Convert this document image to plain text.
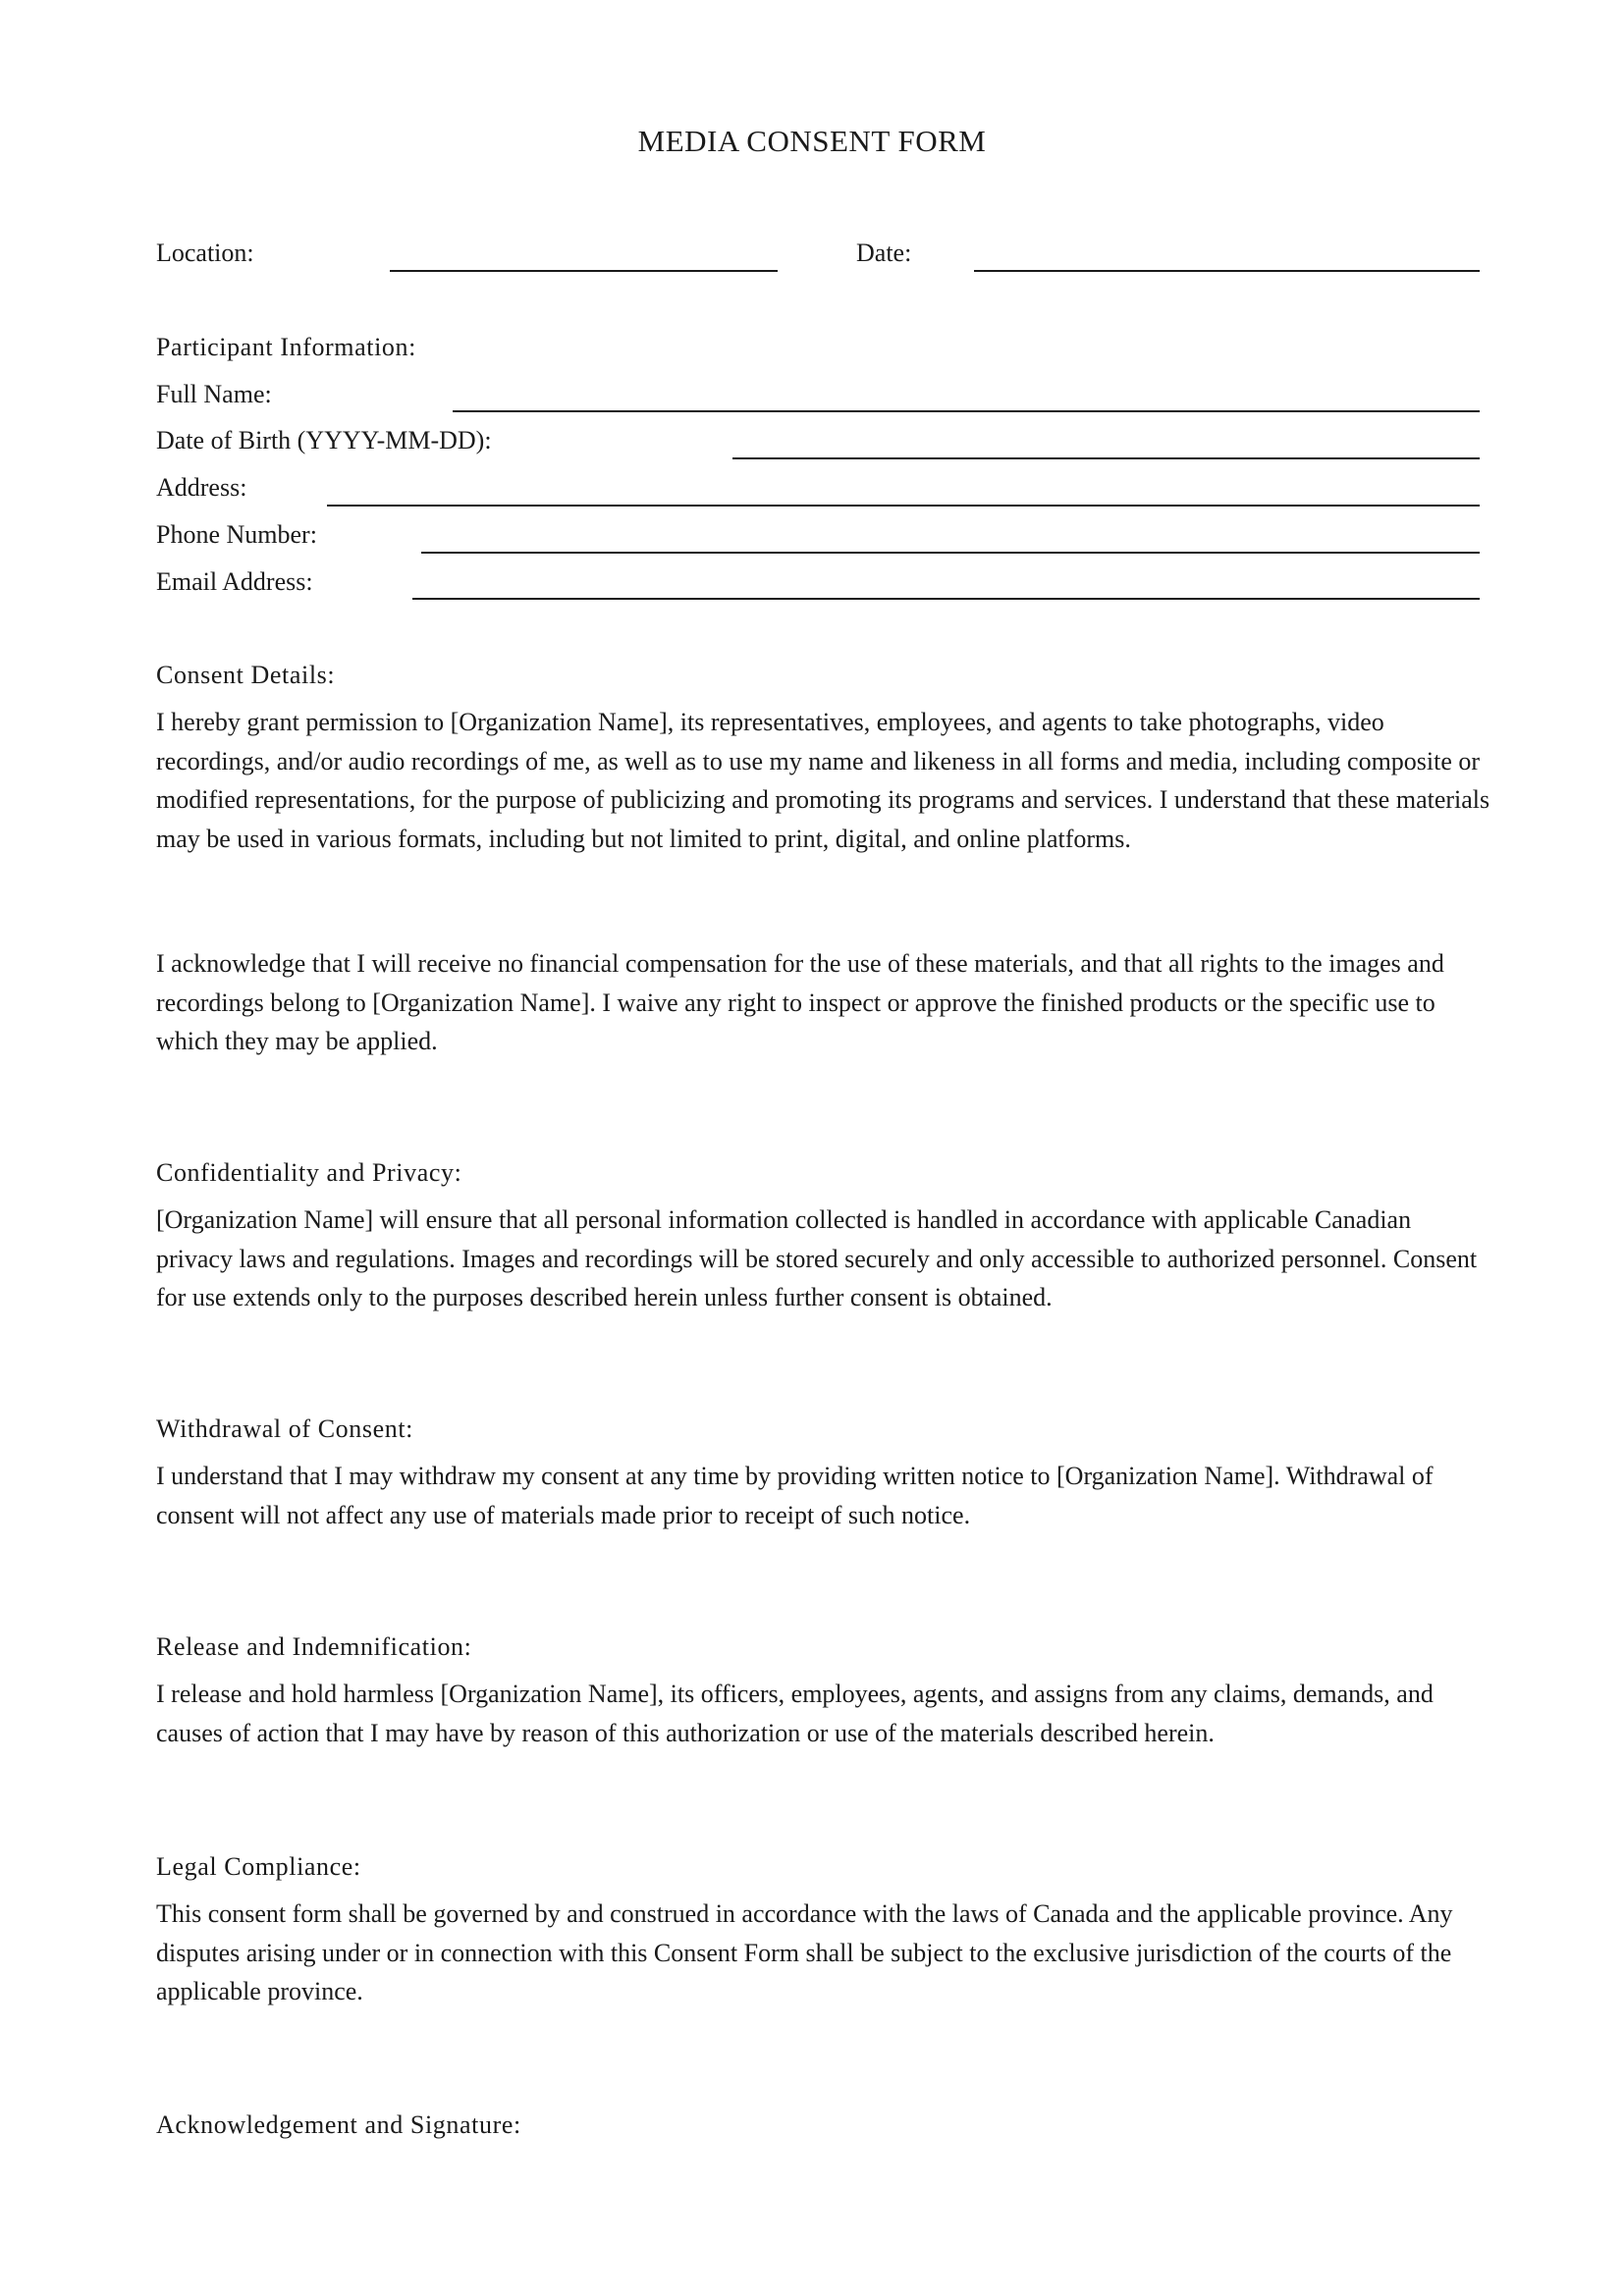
MEDIA CONSENT FORM
Location:	Date:
Participant Information:
Full Name:
Date of Birth (YYYY-MM-DD):
Address:
Phone Number:
Email Address:
Consent Details:
I hereby grant permission to [Organization Name], its representatives, employees, and agents to take photographs, video recordings, and/or audio recordings of me, as well as to use my name and likeness in all forms and media, including composite or modified representations, for the purpose of publicizing and promoting its programs and services. I understand that these materials may be used in various formats, including but not limited to print, digital, and online platforms.
I acknowledge that I will receive no financial compensation for the use of these materials, and that all rights to the images and recordings belong to [Organization Name]. I waive any right to inspect or approve the finished products or the specific use to which they may be applied.
Confidentiality and Privacy:
[Organization Name] will ensure that all personal information collected is handled in accordance with applicable Canadian privacy laws and regulations. Images and recordings will be stored securely and only accessible to authorized personnel. Consent for use extends only to the purposes described herein unless further consent is obtained.
Withdrawal of Consent:
I understand that I may withdraw my consent at any time by providing written notice to [Organization Name]. Withdrawal of consent will not affect any use of materials made prior to receipt of such notice.
Release and Indemnification:
I release and hold harmless [Organization Name], its officers, employees, agents, and assigns from any claims, demands, and causes of action that I may have by reason of this authorization or use of the materials described herein.
Legal Compliance:
This consent form shall be governed by and construed in accordance with the laws of Canada and the applicable province. Any disputes arising under or in connection with this Consent Form shall be subject to the exclusive jurisdiction of the courts of the applicable province.
Acknowledgement and Signature:
